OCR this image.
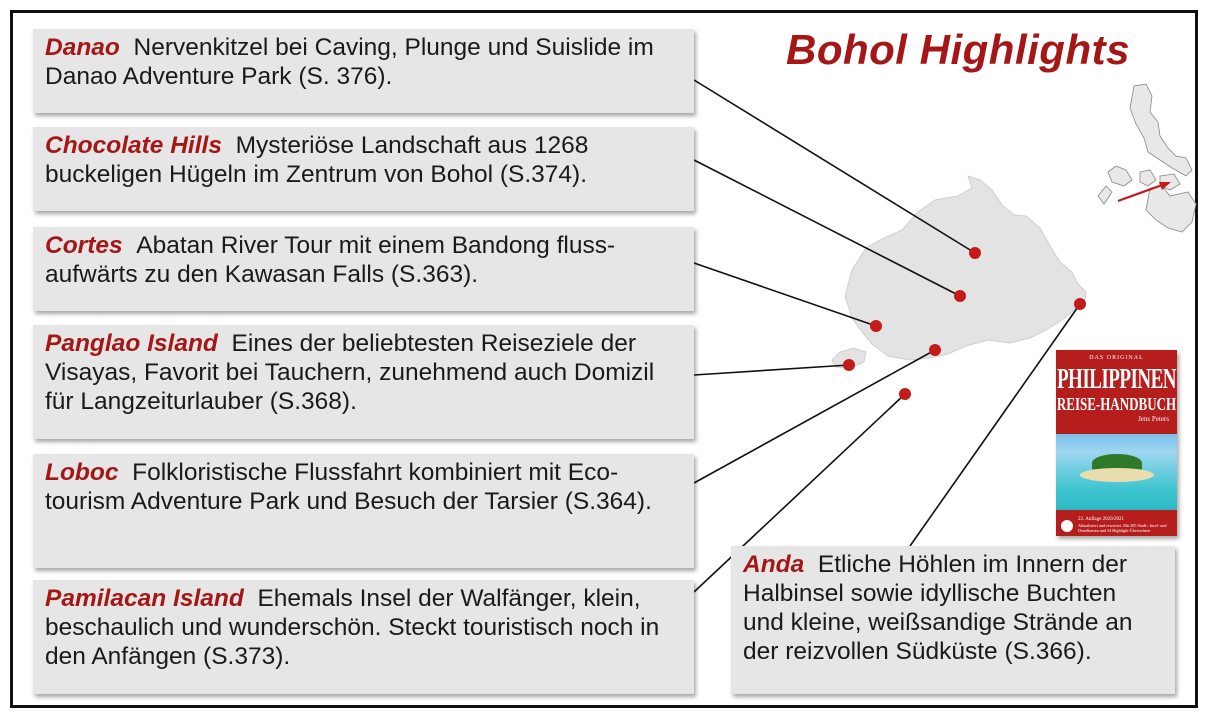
Bohol Highlights
Danao Nervenkitzel bei Caving, Plunge und Suislide im Danao Adventure Park (S. 376).
Chocolate Hills Mysteriöse Landschaft aus 1268 buckeligen Hügeln im Zentrum von Bohol (S.374).
Cortes Abatan River Tour mit einem Bandong fluss-aufwärts zu den Kawasan Falls (S.363).
Panglao Island Eines der beliebtesten Reiseziele der Visayas, Favorit bei Tauchern, zunehmend auch Domizil für Langzeiturlauber (S.368).
Loboc Folkloristische Flussfahrt kombiniert mit Eco-tourism Adventure Park und Besuch der Tarsier (S.364).
Pamilacan Island Ehemals Insel der Walfänger, klein, beschaulich und wunderschön. Steckt touristisch noch in den Anfängen (S.373).
Anda Etliche Höhlen im Innern der Halbinsel sowie idyllische Buchten und kleine, weißsandige Strände an der reizvollen Südküste (S.366).
DAS ORIGINAL
PHILIPPINEN
REISE-HANDBUCH
Jens Peters
23. Auflage 2020/2021
Aktualisiert und erweitert. Mit 285 Stadt-, Insel- und Detailkarten und 34 Highlight-Übersichten
